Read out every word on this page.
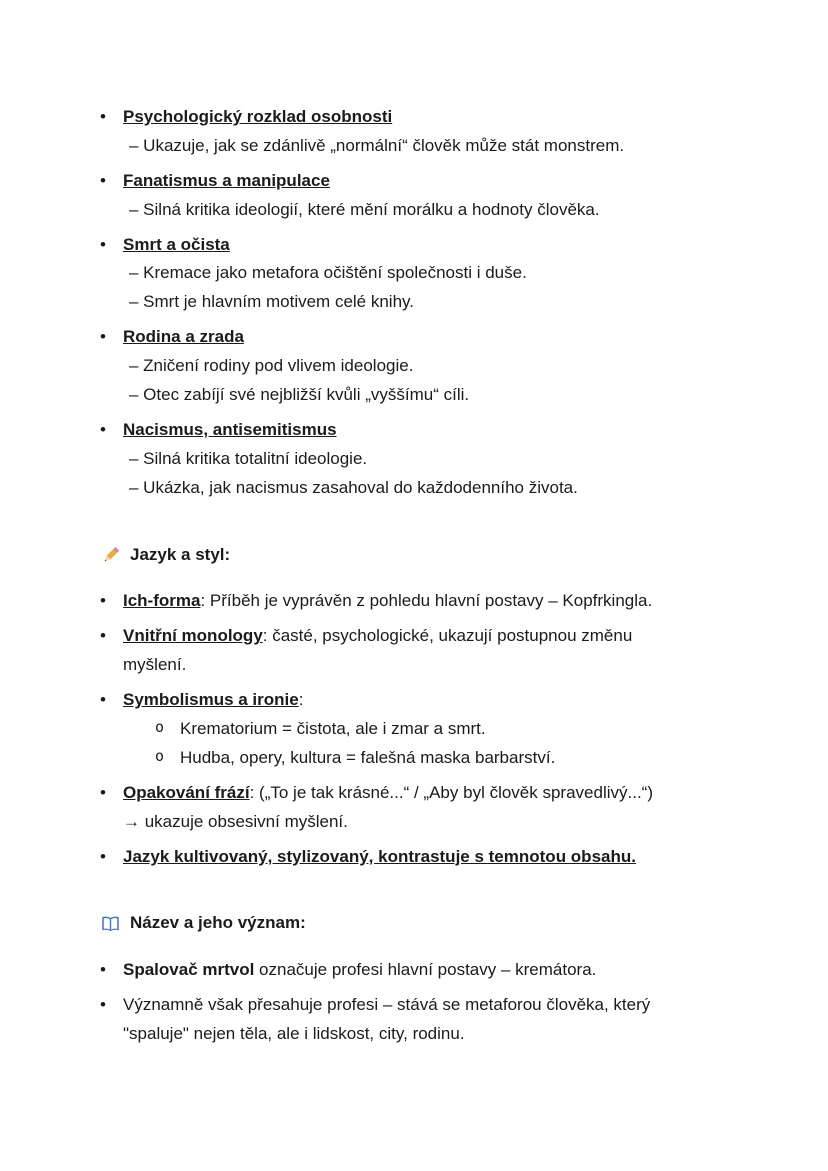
•
Psychologický rozklad osobnosti
– Ukazuje, jak se zdánlivě „normální“ člověk může stát monstrem.
•
Fanatismus a manipulace
– Silná kritika ideologií, které mění morálku a hodnoty člověka.
•
Smrt a očista
– Kremace jako metafora očištění společnosti i duše.
– Smrt je hlavním motivem celé knihy.
•
Rodina a zrada
– Zničení rodiny pod vlivem ideologie.
– Otec zabíjí své nejbližší kvůli „vyššímu“ cíli.
•
Nacismus, antisemitismus
– Silná kritika totalitní ideologie.
– Ukázka, jak nacismus zasahoval do každodenního života.
Jazyk a styl:
•
Ich-forma: Příběh je vyprávěn z pohledu hlavní postavy – Kopfrkingla.
•
Vnitřní monology: časté, psychologické, ukazují postupnou změnu myšlení.
•
Symbolismus a ironie:
o
Krematorium = čistota, ale i zmar a smrt.
o
Hudba, opery, kultura = falešná maska barbarství.
•
Opakování frází: („To je tak krásné...“ / „Aby byl člověk spravedlivý...“) → ukazuje obsesivní myšlení.
•
Jazyk kultivovaný, stylizovaný, kontrastuje s temnotou obsahu.
Název a jeho význam:
•
Spalovač mrtvol označuje profesi hlavní postavy – kremátora.
•
Významně však přesahuje profesi – stává se metaforou člověka, který "spaluje" nejen těla, ale i lidskost, city, rodinu.
